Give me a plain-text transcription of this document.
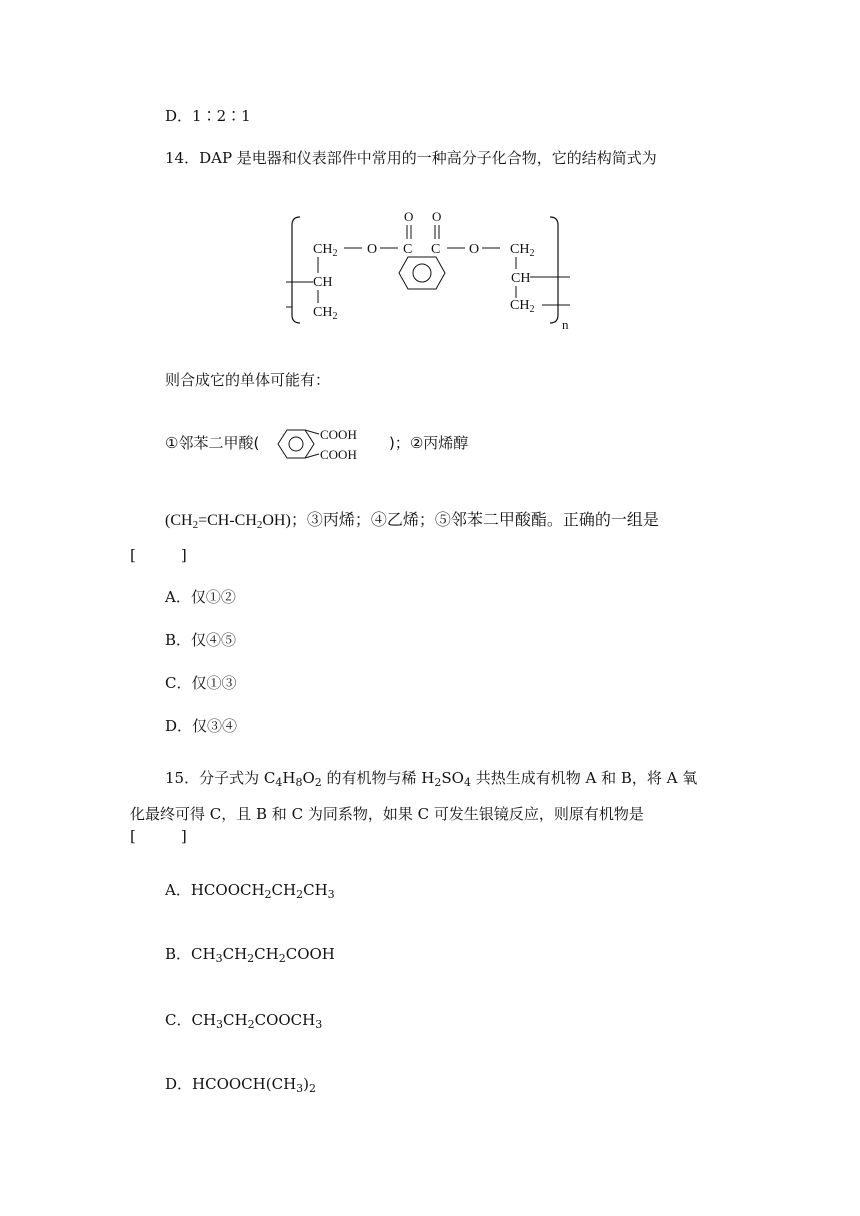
D．1∶2∶1
14．DAP 是电器和仪表部件中常用的一种高分子化合物，它的结构简式为
n
$CH_2$
CH
$CH_2$
O C
O
C
O
O $CH_2$
CH
$CH_2$
则合成它的单体可能有：
①邻苯二甲酸(	COOH
COOH
)；②丙烯醇
$(CH_2=CH-CH_2OH)$；③丙烯；④乙烯；⑤邻苯二甲酸酯。正确的一组是
[　　　]
A．仅①②
B．仅④⑤
C．仅①③
D．仅③④
15．分子式为 $C_4H_8O_2$ 的有机物与稀 $H_2SO_4$ 共热生成有机物 A 和 B，将 A 氧
化最终可得 C，且 B 和 C 为同系物，如果 C 可发生银镜反应，则原有机物是
[　　　]
A．$HCOOCH_2CH_2CH_3$
B．$CH_3CH_2CH_2COOH$
C．$CH_3CH_2COOCH_3$
D．$HCOOCH(CH_3)_2$
